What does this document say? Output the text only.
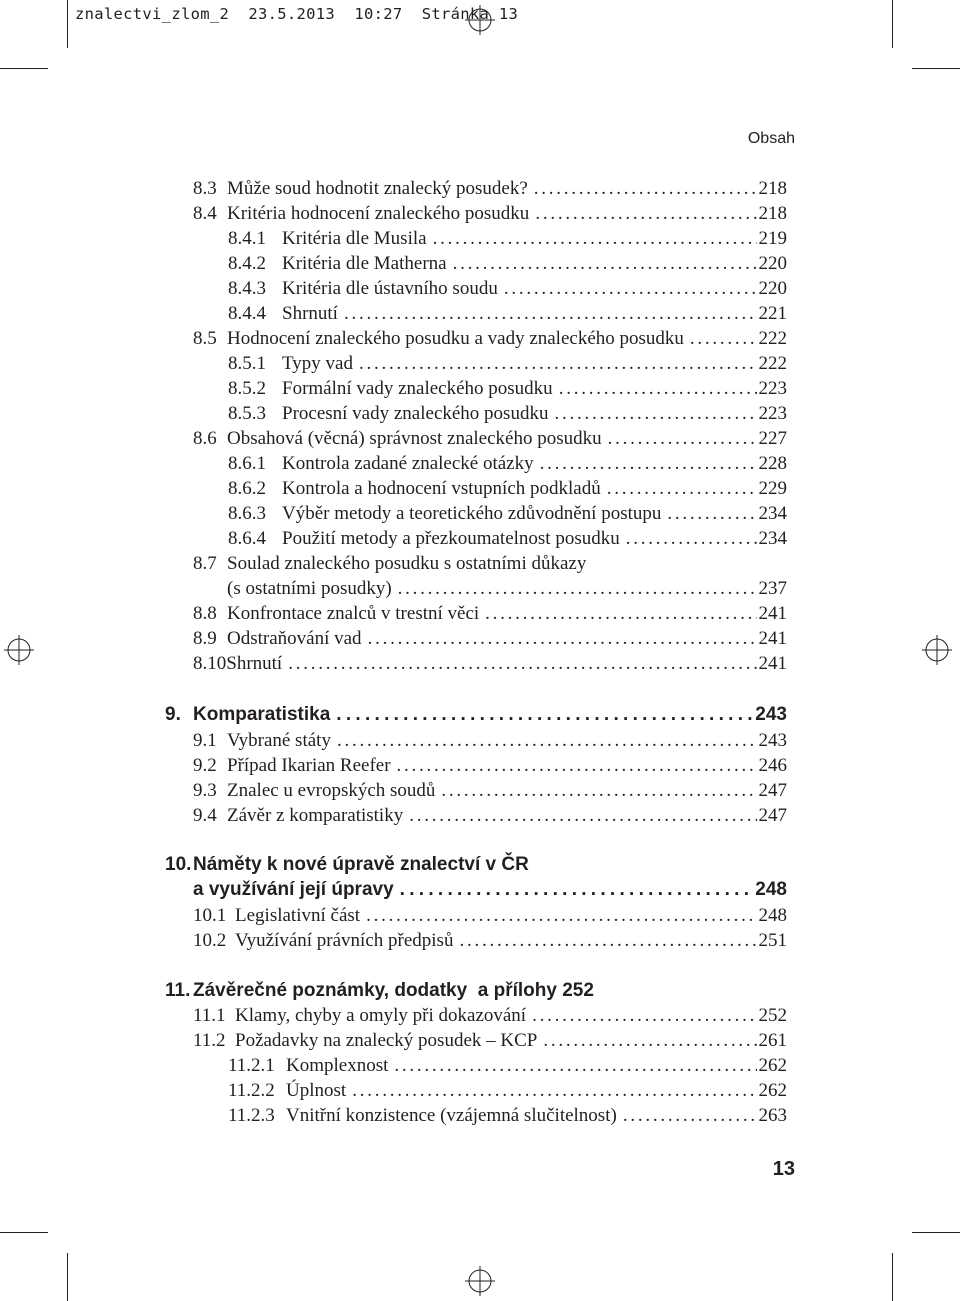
znalectvi_zlom_2 23.5.2013 10:27 Stránka 13
Obsah
8.3 Může soud hodnotit znalecký posudek? . . .	218
8.4 Kritéria hodnocení znaleckého posudku . . .	218
8.4.1 Kritéria dle Musila . . .	219
8.4.2 Kritéria dle Matherna . . .	220
8.4.3 Kritéria dle ústavního soudu . . .	220
8.4.4 Shrnutí . . .	221
8.5 Hodnocení znaleckého posudku a vady znaleckého posudku . . .	222
8.5.1 Typy vad . . .	222
8.5.2 Formální vady znaleckého posudku . . .	223
8.5.3 Procesní vady znaleckého posudku . . .	223
8.6 Obsahová (věcná) správnost znaleckého posudku . . .	227
8.6.1 Kontrola zadané znalecké otázky . . .	228
8.6.2 Kontrola a hodnocení vstupních podkladů . . .	229
8.6.3 Výběr metody a teoretického zdůvodnění postupu . . .	234
8.6.4 Použití metody a přezkoumatelnost posudku . . .	234
8.7 Soulad znaleckého posudku s ostatními důkazy
(s ostatními posudky) . . .	237
8.8 Konfrontace znalců v trestní věci . . .	241
8.9 Odstraňování vad . . .	241
8.10 Shrnutí . . .	241
9. Komparatistika . . .	243
9.1 Vybrané státy . . .	243
9.2 Případ Ikarian Reefer . . .	246
9.3 Znalec u evropských soudů . . .	247
9.4 Závěr z komparatistiky . . .	247
10.Náměty k nové úpravě znalectví v ČR
a využívání její úpravy . . .	248
10.1 Legislativní část . . .	248
10.2 Využívání právních předpisů . . .	251
11. Závěrečné poznámky, dodatky  a přílohy 252
11.1 Klamy, chyby a omyly při dokazování . . .	252
11.2 Požadavky na znalecký posudek – KCP . . .	261
11.2.1 Komplexnost . . .	262
11.2.2 Úplnost . . .	262
11.2.3 Vnitřní konzistence (vzájemná slučitelnost) . . .	263
13
